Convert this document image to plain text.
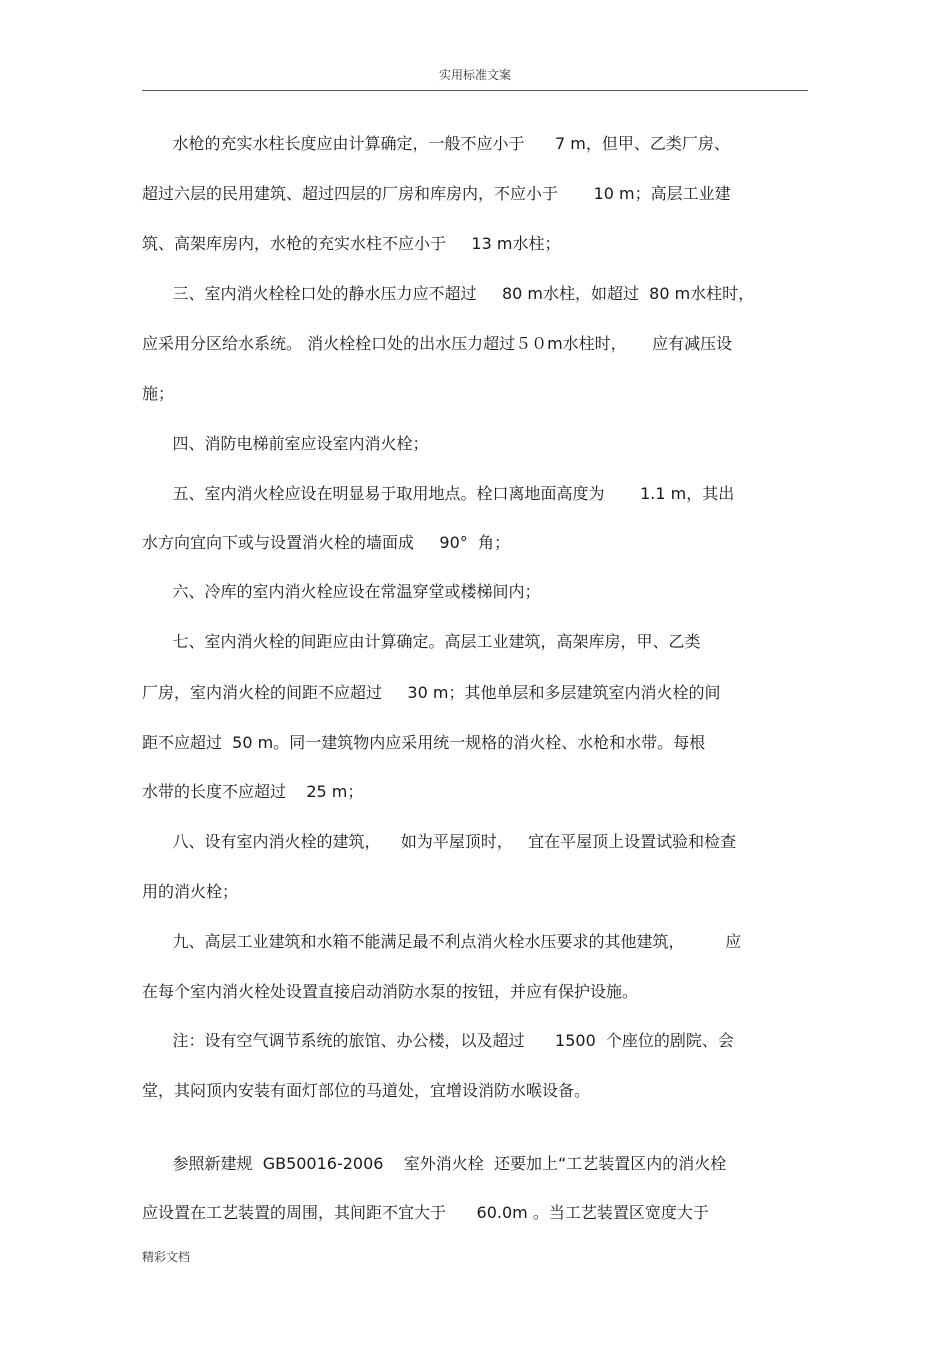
实用标准文案
水枪的充实水柱长度应由计算确定，一般不应小于      7 m，但甲、乙类厂房、
超过六层的民用建筑、超过四层的厂房和库房内，不应小于       10 m；高层工业建
筑、高架库房内，水枪的充实水柱不应小于     13 m水柱；
三、室内消火栓栓口处的静水压力应不超过     80 m水柱，如超过  80 m水柱时，
应采用分区给水系统。 消火栓栓口处的出水压力超过５０m水柱时，     应有减压设
施；
四、消防电梯前室应设室内消火栓；
五、室内消火栓应设在明显易于取用地点。栓口离地面高度为       1.1 m，其出
水方向宜向下或与设置消火栓的墙面成     90°  角；
六、冷库的室内消火栓应设在常温穿堂或楼梯间内；
七、室内消火栓的间距应由计算确定。高层工业建筑，高架库房，甲、乙类
厂房，室内消火栓的间距不应超过     30 m；其他单层和多层建筑室内消火栓的间
距不应超过  50 m。同一建筑物内应采用统一规格的消火栓、水枪和水带。每根
水带的长度不应超过    25 m；
八、设有室内消火栓的建筑，    如为平屋顶时，   宜在平屋顶上设置试验和检查
用的消火栓；
九、高层工业建筑和水箱不能满足最不利点消火栓水压要求的其他建筑，        应
在每个室内消火栓处设置直接启动消防水泵的按钮，并应有保护设施。
注：设有空气调节系统的旅馆、办公楼，以及超过      1500  个座位的剧院、会
堂，其闷顶内安装有面灯部位的马道处，宜增设消防水喉设备。
参照新建规  GB50016-2006    室外消火栓  还要加上“工艺装置区内的消火栓
应设置在工艺装置的周围，其间距不宜大于      60.0m 。当工艺装置区宽度大于
精彩文档
